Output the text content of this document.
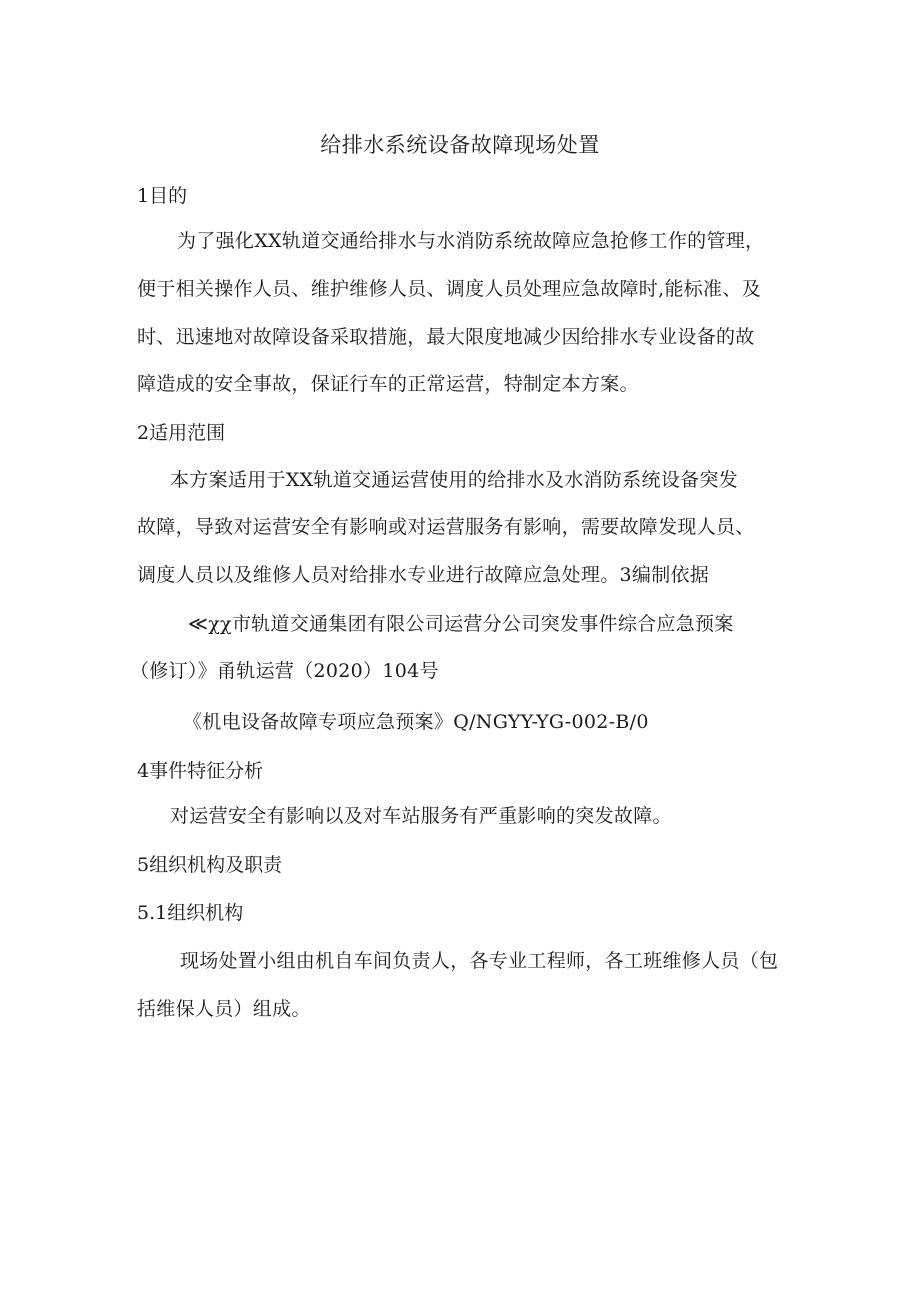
给排水系统设备故障现场处置
1目的
为了强化XX轨道交通给排水与水消防系统故障应急抢修工作的管理，
便于相关操作人员、维护维修人员、调度人员处理应急故障时,能标准、及
时、迅速地对故障设备采取措施，最大限度地减少因给排水专业设备的故
障造成的安全事故，保证行车的正常运营，特制定本方案。
2适用范围
本方案适用于XX轨道交通运营使用的给排水及水消防系统设备突发
故障，导致对运营安全有影响或对运营服务有影响，需要故障发现人员、
调度人员以及维修人员对给排水专业进行故障应急处理。3编制依据
≪χχ市轨道交通集团有限公司运营分公司突发事件综合应急预案
（修订）》甬轨运营（2020）104号
《机电设备故障专项应急预案》Q/NGYY-YG-002-B/0
4事件特征分析
对运营安全有影响以及对车站服务有严重影响的突发故障。
5组织机构及职责
5.1组织机构
现场处置小组由机自车间负责人，各专业工程师，各工班维修人员（包
括维保人员）组成。
